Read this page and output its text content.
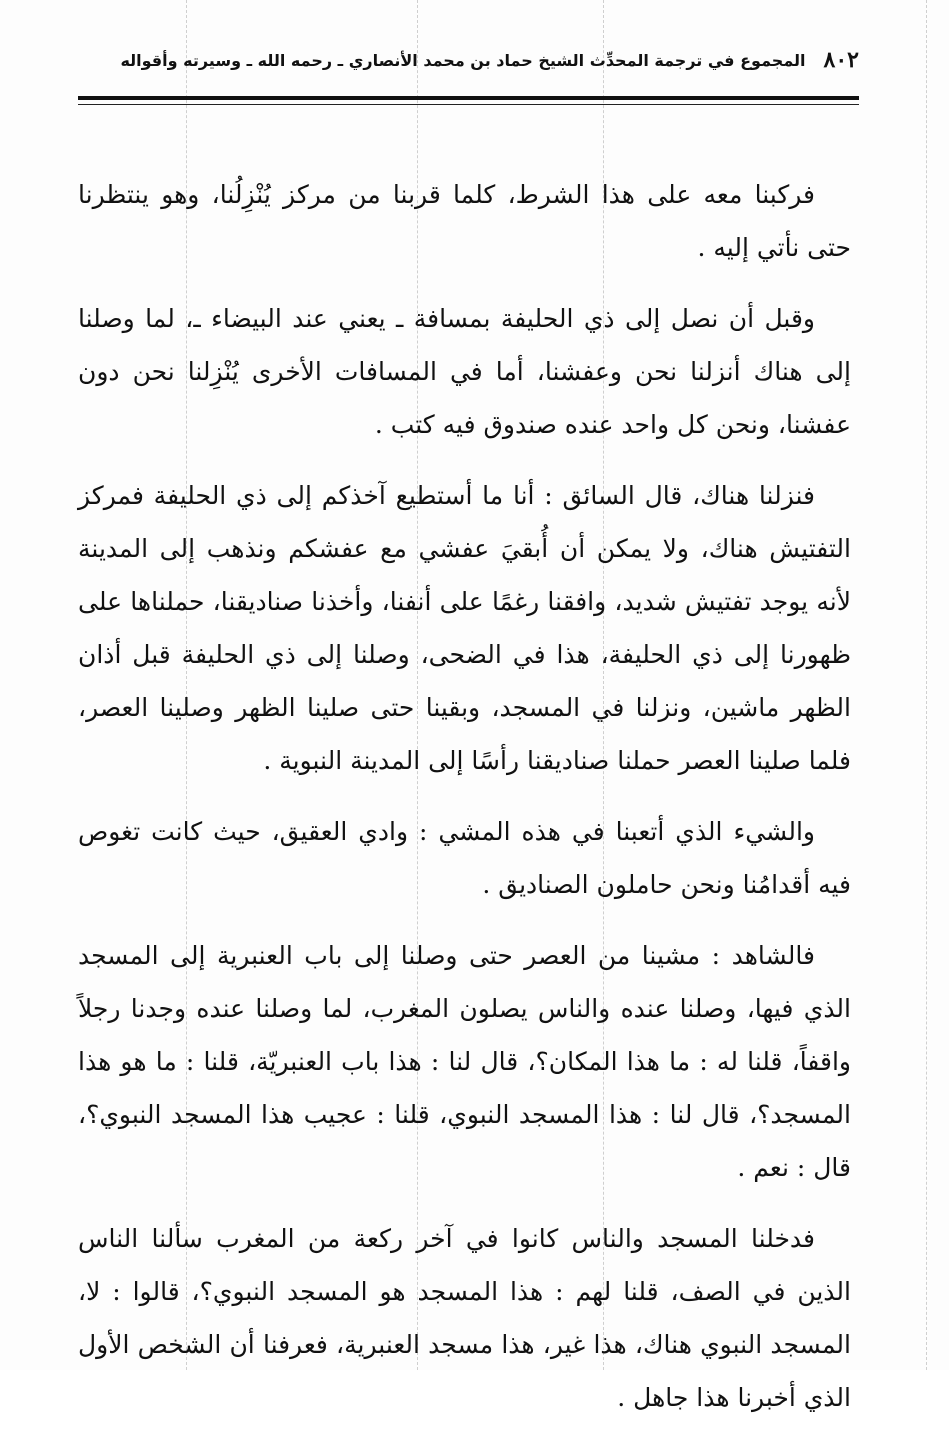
٨٠٢
المجموع في ترجمة المحدِّث الشيخ حماد بن محمد الأنصاري ـ رحمه الله ـ وسيرته وأقواله

فركبنا معه على هذا الشرط، كلما قربنا من مركز يُنْزِلُنا، وهو ينتظرنا حتى نأتي إليه .

وقبل أن نصل إلى ذي الحليفة بمسافة ـ يعني عند البيضاء ـ، لما وصلنا إلى هناك أنزلنا نحن وعفشنا، أما في المسافات الأخرى يُنْزِلنا نحن دون عفشنا، ونحن كل واحد عنده صندوق فيه كتب .

فنزلنا هناك، قال السائق : أنا ما أستطيع آخذكم إلى ذي الحليفة فمركز التفتيش هناك، ولا يمكن أن أُبقيَ عفشي مع عفشكم ونذهب إلى المدينة لأنه يوجد تفتيش شديد، وافقنا رغمًا على أنفنا، وأخذنا صناديقنا، حملناها على ظهورنا إلى ذي الحليفة، هذا في الضحى، وصلنا إلى ذي الحليفة قبل أذان الظهر ماشين، ونزلنا في المسجد، وبقينا حتى صلينا الظهر وصلينا العصر، فلما صلينا العصر حملنا صناديقنا رأسًا إلى المدينة النبوية .

والشيء الذي أتعبنا في هذه المشي : وادي العقيق، حيث كانت تغوص فيه أقدامُنا ونحن حاملون الصناديق .

فالشاهد : مشينا من العصر حتى وصلنا إلى باب العنبرية إلى المسجد الذي فيها، وصلنا عنده والناس يصلون المغرب، لما وصلنا عنده وجدنا رجلاً واقفاً، قلنا له : ما هذا المكان؟، قال لنا : هذا باب العنبريّة، قلنا : ما هو هذا المسجد؟، قال لنا : هذا المسجد النبوي، قلنا : عجيب هذا المسجد النبوي؟، قال : نعم .

فدخلنا المسجد والناس كانوا في آخر ركعة من المغرب سألنا الناس الذين في الصف، قلنا لهم : هذا المسجد هو المسجد النبوي؟، قالوا : لا، المسجد النبوي هناك، هذا غير، هذا مسجد العنبرية، فعرفنا أن الشخص الأول الذي أخبرنا هذا جاهل .
